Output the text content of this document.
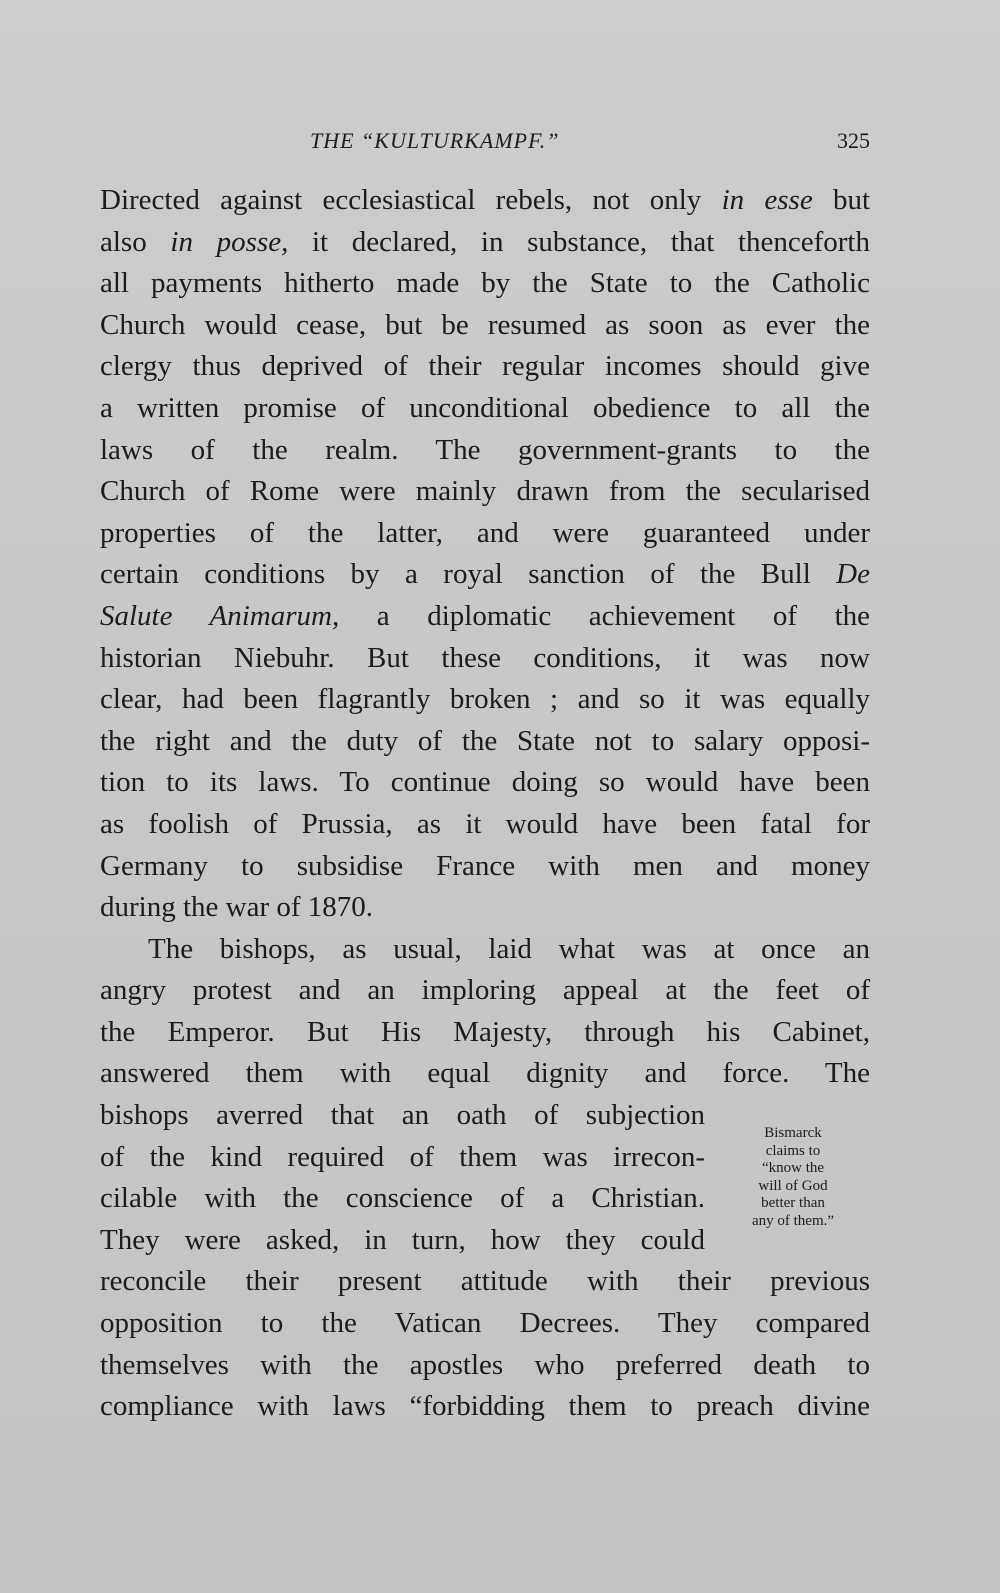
THE “KULTURKAMPF.”	325
Directed against ecclesiastical rebels, not only in esse but
also in posse, it declared, in substance, that thenceforth
all payments hitherto made by the State to the Catholic
Church would cease, but be resumed as soon as ever the
clergy thus deprived of their regular incomes should give
a written promise of unconditional obedience to all the
laws of the realm. The government-grants to the
Church of Rome were mainly drawn from the secularised
properties of the latter, and were guaranteed under
certain conditions by a royal sanction of the Bull De
Salute Animarum, a diplomatic achievement of the
historian Niebuhr. But these conditions, it was now
clear, had been flagrantly broken ; and so it was equally
the right and the duty of the State not to salary opposi-
tion to its laws. To continue doing so would have been
as foolish of Prussia, as it would have been fatal for
Germany to subsidise France with men and money
during the war of 1870.
The bishops, as usual, laid what was at once an
angry protest and an imploring appeal at the feet of
the Emperor. But His Majesty, through his Cabinet,
answered them with equal dignity and force. The
bishops averred that an oath of subjection
of the kind required of them was irrecon-
cilable with the conscience of a Christian.
They were asked, in turn, how they could
reconcile their present attitude with their previous
opposition to the Vatican Decrees. They compared
themselves with the apostles who preferred death to
compliance with laws “forbidding them to preach divine
Bismarck
claims to
“know the
will of God
better than
any of them.”
